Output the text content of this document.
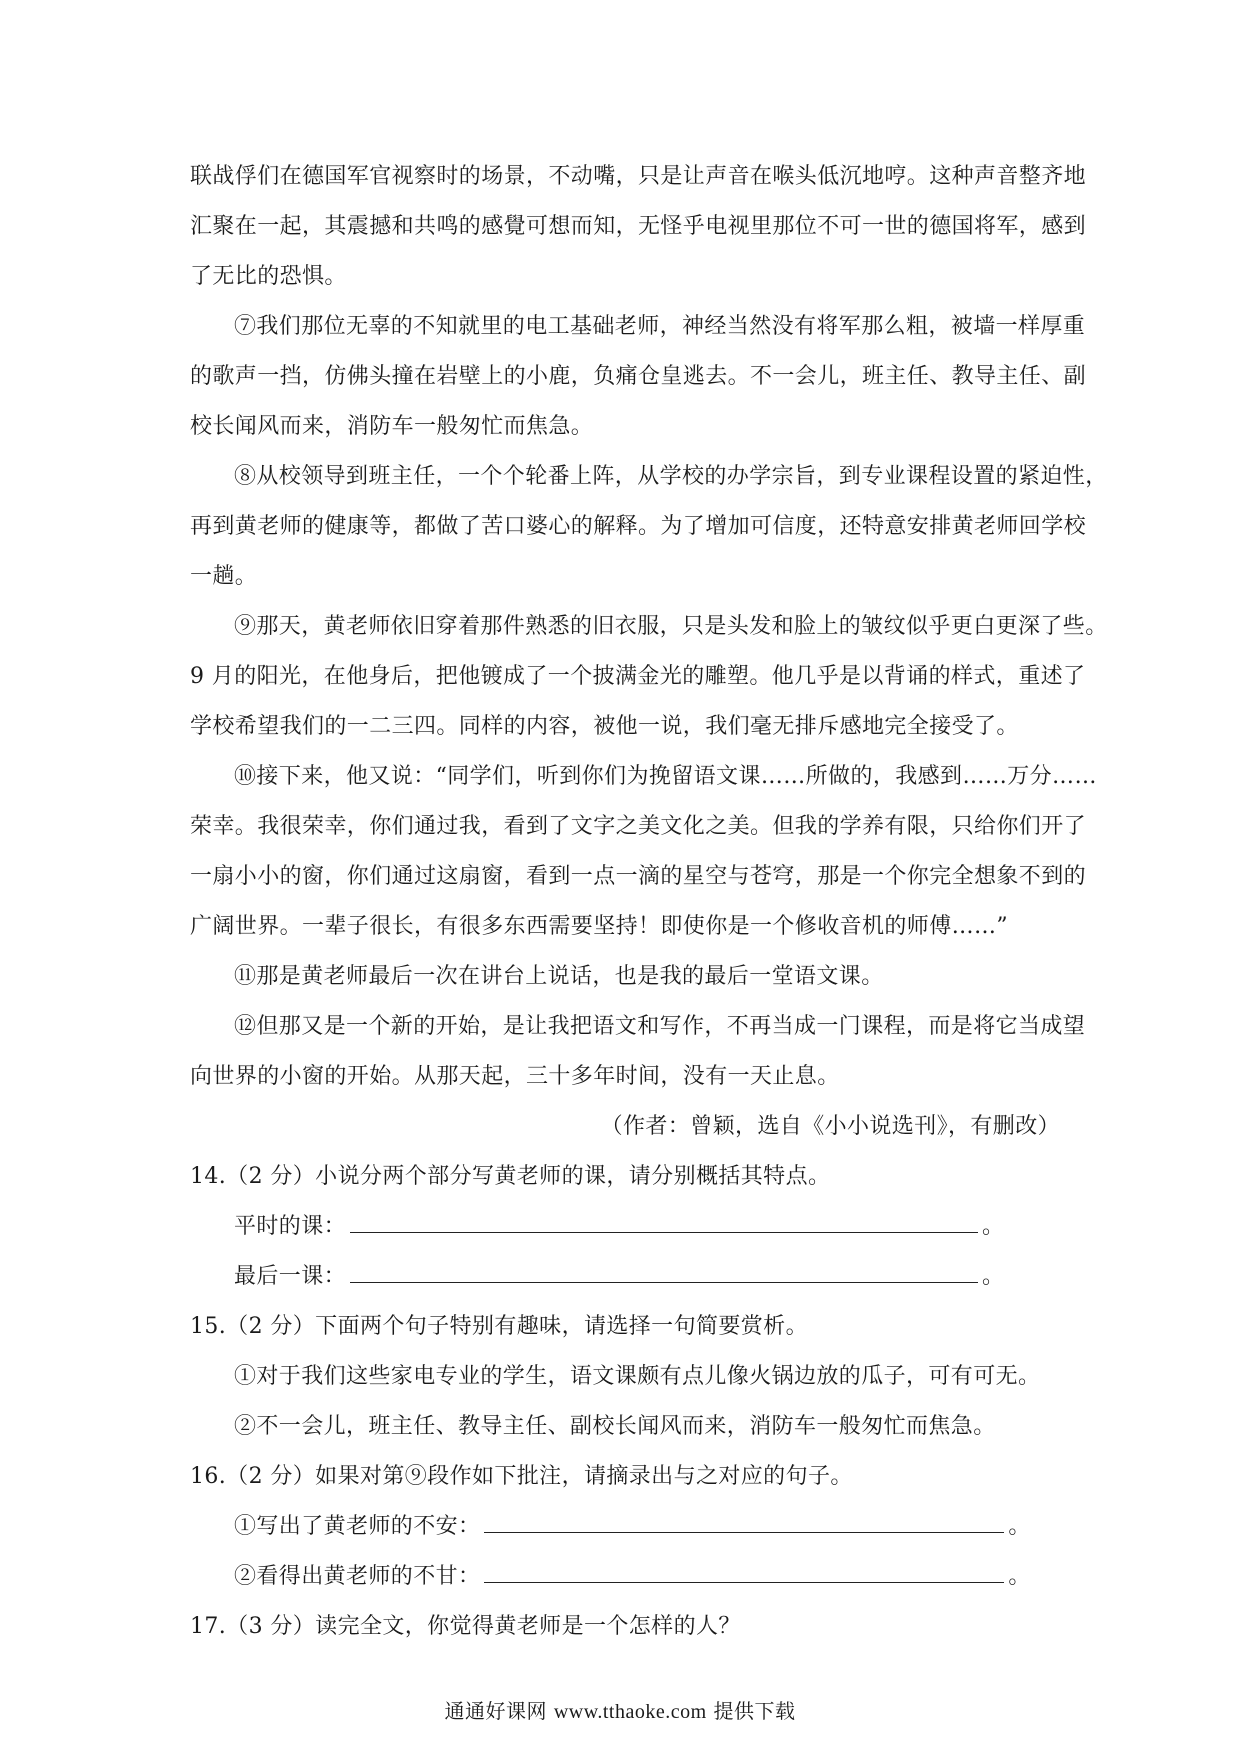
联战俘们在德国军官视察时的场景，不动嘴，只是让声音在喉头低沉地哼。这种声音整齐地
汇聚在一起，其震撼和共鸣的感覺可想而知，无怪乎电视里那位不可一世的德国将军，感到
了无比的恐惧。
⑦我们那位无辜的不知就里的电工基础老师，神经当然没有将军那么粗，被墙一样厚重
的歌声一挡，仿佛头撞在岩壁上的小鹿，负痛仓皇逃去。不一会儿，班主任、教导主任、副
校长闻风而来，消防车一般匆忙而焦急。
⑧从校领导到班主任，一个个轮番上阵，从学校的办学宗旨，到专业课程设置的紧迫性，
再到黄老师的健康等，都做了苦口婆心的解释。为了增加可信度，还特意安排黄老师回学校
一趟。
⑨那天，黄老师依旧穿着那件熟悉的旧衣服，只是头发和脸上的皱纹似乎更白更深了些。
9 月的阳光，在他身后，把他镀成了一个披满金光的雕塑。他几乎是以背诵的样式，重述了
学校希望我们的一二三四。同样的内容，被他一说，我们毫无排斥感地完全接受了。
⑩接下来，他又说：“同学们，听到你们为挽留语文课……所做的，我感到……万分……
荣幸。我很荣幸，你们通过我，看到了文字之美文化之美。但我的学养有限，只给你们开了
一扇小小的窗，你们通过这扇窗，看到一点一滴的星空与苍穹，那是一个你完全想象不到的
广阔世界。一辈子很长，有很多东西需要坚持！即使你是一个修收音机的师傅……”
⑪那是黄老师最后一次在讲台上说话，也是我的最后一堂语文课。
⑫但那又是一个新的开始，是让我把语文和写作，不再当成一门课程，而是将它当成望
向世界的小窗的开始。从那天起，三十多年时间，没有一天止息。
（作者：曾颖，选自《小小说选刊》，有删改）
14.（2 分）小说分两个部分写黄老师的课，请分别概括其特点。
平时的课：	。
最后一课：	。
15.（2 分）下面两个句子特别有趣味，请选择一句简要赏析。
①对于我们这些家电专业的学生，语文课颇有点儿像火锅边放的瓜子，可有可无。
②不一会儿，班主任、教导主任、副校长闻风而来，消防车一般匆忙而焦急。
16.（2 分）如果对第⑨段作如下批注，请摘录出与之对应的句子。
①写出了黄老师的不安：	。
②看得出黄老师的不甘：	。
17.（3 分）读完全文，你觉得黄老师是一个怎样的人？
通通好课网 www.tthaoke.com 提供下载
